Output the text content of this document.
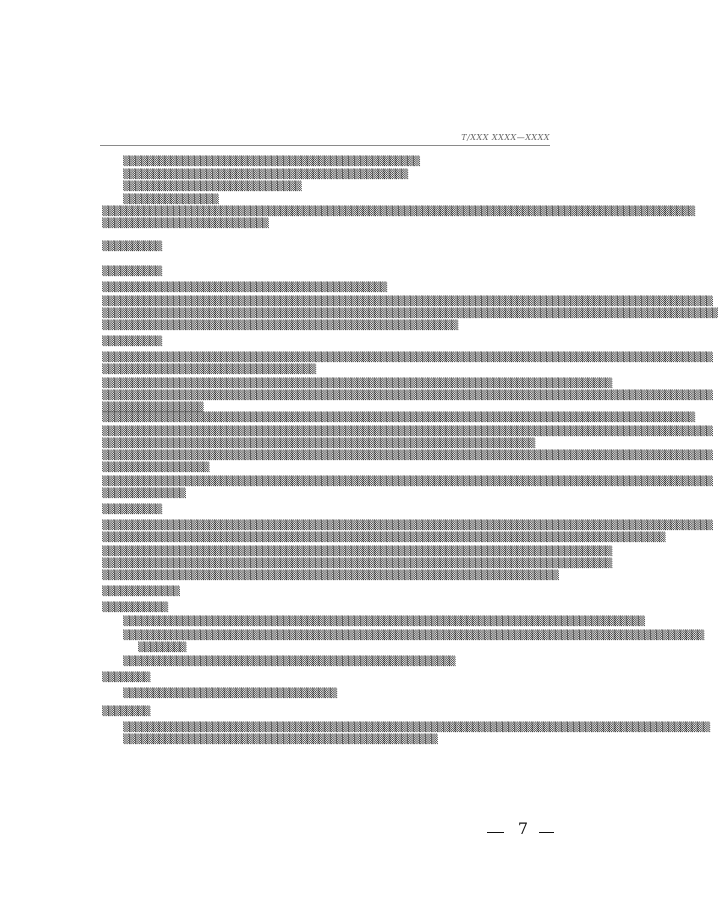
T/XXX XXXX—XXXX
▒▒▒▒▒▒▒▒▒▒▒▒▒▒▒▒▒▒▒▒▒▒▒▒▒▒▒▒▒▒▒▒▒▒▒▒▒▒▒▒▒▒▒▒▒▒▒▒▒▒
▒▒▒▒▒▒▒▒▒▒▒▒▒▒▒▒▒▒▒▒▒▒▒▒▒▒▒▒▒▒▒▒▒▒▒▒▒▒▒▒▒▒▒▒▒▒▒▒
▒▒▒▒▒▒▒▒▒▒▒▒▒▒▒▒▒▒▒▒▒▒▒▒▒▒▒▒▒▒
▒▒▒▒▒▒▒▒▒▒▒▒▒▒▒▒
▒▒▒▒▒▒▒▒▒▒▒▒▒▒▒▒▒▒▒▒▒▒▒▒▒▒▒▒▒▒▒▒▒▒▒▒▒▒▒▒▒▒▒▒▒▒▒▒▒▒▒▒▒▒▒▒▒▒▒▒▒▒▒▒▒▒▒▒▒▒▒▒▒▒▒▒▒▒▒▒▒▒▒▒▒▒▒▒▒▒▒▒▒▒▒▒▒▒▒▒
▒▒▒▒▒▒▒▒▒▒▒▒▒▒▒▒▒▒▒▒▒▒▒▒▒▒▒▒
▒▒▒▒▒▒▒▒▒▒
▒▒▒▒▒▒▒▒▒▒
▒▒▒▒▒▒▒▒▒▒▒▒▒▒▒▒▒▒▒▒▒▒▒▒▒▒▒▒▒▒▒▒▒▒▒▒▒▒▒▒▒▒▒▒▒▒▒▒
▒▒▒▒▒▒▒▒▒▒▒▒▒▒▒▒▒▒▒▒▒▒▒▒▒▒▒▒▒▒▒▒▒▒▒▒▒▒▒▒▒▒▒▒▒▒▒▒▒▒▒▒▒▒▒▒▒▒▒▒▒▒▒▒▒▒▒▒▒▒▒▒▒▒▒▒▒▒▒▒▒▒▒▒▒▒▒▒▒▒▒▒▒▒▒▒▒▒▒▒▒▒▒
▒▒▒▒▒▒▒▒▒▒▒▒▒▒▒▒▒▒▒▒▒▒▒▒▒▒▒▒▒▒▒▒▒▒▒▒▒▒▒▒▒▒▒▒▒▒▒▒▒▒▒▒▒▒▒▒▒▒▒▒▒▒▒▒▒▒▒▒▒▒▒▒▒▒▒▒▒▒▒▒▒▒▒▒▒▒▒▒▒▒▒▒▒▒▒▒▒▒▒▒▒▒▒▒
▒▒▒▒▒▒▒▒▒▒▒▒▒▒▒▒▒▒▒▒▒▒▒▒▒▒▒▒▒▒▒▒▒▒▒▒▒▒▒▒▒▒▒▒▒▒▒▒▒▒▒▒▒▒▒▒▒▒▒▒
▒▒▒▒▒▒▒▒▒▒
▒▒▒▒▒▒▒▒▒▒▒▒▒▒▒▒▒▒▒▒▒▒▒▒▒▒▒▒▒▒▒▒▒▒▒▒▒▒▒▒▒▒▒▒▒▒▒▒▒▒▒▒▒▒▒▒▒▒▒▒▒▒▒▒▒▒▒▒▒▒▒▒▒▒▒▒▒▒▒▒▒▒▒▒▒▒▒▒▒▒▒▒▒▒▒▒▒▒▒▒▒▒▒
▒▒▒▒▒▒▒▒▒▒▒▒▒▒▒▒▒▒▒▒▒▒▒▒▒▒▒▒▒▒▒▒▒▒▒▒
▒▒▒▒▒▒▒▒▒▒▒▒▒▒▒▒▒▒▒▒▒▒▒▒▒▒▒▒▒▒▒▒▒▒▒▒▒▒▒▒▒▒▒▒▒▒▒▒▒▒▒▒▒▒▒▒▒▒▒▒▒▒▒▒▒▒▒▒▒▒▒▒▒▒▒▒▒▒▒▒▒▒▒▒▒▒
▒▒▒▒▒▒▒▒▒▒▒▒▒▒▒▒▒▒▒▒▒▒▒▒▒▒▒▒▒▒▒▒▒▒▒▒▒▒▒▒▒▒▒▒▒▒▒▒▒▒▒▒▒▒▒▒▒▒▒▒▒▒▒▒▒▒▒▒▒▒▒▒▒▒▒▒▒▒▒▒▒▒▒▒▒▒▒▒▒▒▒▒▒▒▒▒▒▒▒▒▒▒▒
▒▒▒▒▒▒▒▒▒▒▒▒▒▒▒▒▒
▒▒▒▒▒▒▒▒▒▒▒▒▒▒▒▒▒▒▒▒▒▒▒▒▒▒▒▒▒▒▒▒▒▒▒▒▒▒▒▒▒▒▒▒▒▒▒▒▒▒▒▒▒▒▒▒▒▒▒▒▒▒▒▒▒▒▒▒▒▒▒▒▒▒▒▒▒▒▒▒▒▒▒▒▒▒▒▒▒▒▒▒▒▒▒▒▒▒▒▒
▒▒▒▒▒▒▒▒▒▒▒▒▒▒▒▒▒▒▒▒▒▒▒▒▒▒▒▒▒▒▒▒▒▒▒▒▒▒▒▒▒▒▒▒▒▒▒▒▒▒▒▒▒▒▒▒▒▒▒▒▒▒▒▒▒▒▒▒▒▒▒▒▒▒▒▒▒▒▒▒▒▒▒▒▒▒▒▒▒▒▒▒▒▒▒▒▒▒▒▒▒▒▒
▒▒▒▒▒▒▒▒▒▒▒▒▒▒▒▒▒▒▒▒▒▒▒▒▒▒▒▒▒▒▒▒▒▒▒▒▒▒▒▒▒▒▒▒▒▒▒▒▒▒▒▒▒▒▒▒▒▒▒▒▒▒▒▒▒▒▒▒▒▒▒▒▒
▒▒▒▒▒▒▒▒▒▒▒▒▒▒▒▒▒▒▒▒▒▒▒▒▒▒▒▒▒▒▒▒▒▒▒▒▒▒▒▒▒▒▒▒▒▒▒▒▒▒▒▒▒▒▒▒▒▒▒▒▒▒▒▒▒▒▒▒▒▒▒▒▒▒▒▒▒▒▒▒▒▒▒▒▒▒▒▒▒▒▒▒▒▒▒▒▒▒▒▒▒▒▒
▒▒▒▒▒▒▒▒▒▒▒▒▒▒▒▒▒▒
▒▒▒▒▒▒▒▒▒▒▒▒▒▒▒▒▒▒▒▒▒▒▒▒▒▒▒▒▒▒▒▒▒▒▒▒▒▒▒▒▒▒▒▒▒▒▒▒▒▒▒▒▒▒▒▒▒▒▒▒▒▒▒▒▒▒▒▒▒▒▒▒▒▒▒▒▒▒▒▒▒▒▒▒▒▒▒▒▒▒▒▒▒▒▒▒▒▒▒▒▒▒▒
▒▒▒▒▒▒▒▒▒▒▒▒▒▒
▒▒▒▒▒▒▒▒▒▒
▒▒▒▒▒▒▒▒▒▒▒▒▒▒▒▒▒▒▒▒▒▒▒▒▒▒▒▒▒▒▒▒▒▒▒▒▒▒▒▒▒▒▒▒▒▒▒▒▒▒▒▒▒▒▒▒▒▒▒▒▒▒▒▒▒▒▒▒▒▒▒▒▒▒▒▒▒▒▒▒▒▒▒▒▒▒▒▒▒▒▒▒▒▒▒▒▒▒▒▒▒▒▒
▒▒▒▒▒▒▒▒▒▒▒▒▒▒▒▒▒▒▒▒▒▒▒▒▒▒▒▒▒▒▒▒▒▒▒▒▒▒▒▒▒▒▒▒▒▒▒▒▒▒▒▒▒▒▒▒▒▒▒▒▒▒▒▒▒▒▒▒▒▒▒▒▒▒▒▒▒▒▒▒▒▒▒▒▒▒▒▒▒▒▒▒▒▒▒
▒▒▒▒▒▒▒▒▒▒▒▒▒▒▒▒▒▒▒▒▒▒▒▒▒▒▒▒▒▒▒▒▒▒▒▒▒▒▒▒▒▒▒▒▒▒▒▒▒▒▒▒▒▒▒▒▒▒▒▒▒▒▒▒▒▒▒▒▒▒▒▒▒▒▒▒▒▒▒▒▒▒▒▒▒▒
▒▒▒▒▒▒▒▒▒▒▒▒▒▒▒▒▒▒▒▒▒▒▒▒▒▒▒▒▒▒▒▒▒▒▒▒▒▒▒▒▒▒▒▒▒▒▒▒▒▒▒▒▒▒▒▒▒▒▒▒▒▒▒▒▒▒▒▒▒▒▒▒▒▒▒▒▒▒▒▒▒▒▒▒▒▒
▒▒▒▒▒▒▒▒▒▒▒▒▒▒▒▒▒▒▒▒▒▒▒▒▒▒▒▒▒▒▒▒▒▒▒▒▒▒▒▒▒▒▒▒▒▒▒▒▒▒▒▒▒▒▒▒▒▒▒▒▒▒▒▒▒▒▒▒▒▒▒▒▒▒▒▒▒
▒▒▒▒▒▒▒▒▒▒▒▒▒
▒▒▒▒▒▒▒▒▒▒▒
▒▒▒▒▒▒▒▒▒▒▒▒▒▒▒▒▒▒▒▒▒▒▒▒▒▒▒▒▒▒▒▒▒▒▒▒▒▒▒▒▒▒▒▒▒▒▒▒▒▒▒▒▒▒▒▒▒▒▒▒▒▒▒▒▒▒▒▒▒▒▒▒▒▒▒▒▒▒▒▒▒▒▒▒▒▒▒▒
▒▒▒▒▒▒▒▒▒▒▒▒▒▒▒▒▒▒▒▒▒▒▒▒▒▒▒▒▒▒▒▒▒▒▒▒▒▒▒▒▒▒▒▒▒▒▒▒▒▒▒▒▒▒▒▒▒▒▒▒▒▒▒▒▒▒▒▒▒▒▒▒▒▒▒▒▒▒▒▒▒▒▒▒▒▒▒▒▒▒▒▒▒▒▒▒▒▒
▒▒▒▒▒▒▒▒
▒▒▒▒▒▒▒▒▒▒▒▒▒▒▒▒▒▒▒▒▒▒▒▒▒▒▒▒▒▒▒▒▒▒▒▒▒▒▒▒▒▒▒▒▒▒▒▒▒▒▒▒▒▒▒▒
▒▒▒▒▒▒▒▒
▒▒▒▒▒▒▒▒▒▒▒▒▒▒▒▒▒▒▒▒▒▒▒▒▒▒▒▒▒▒▒▒▒▒▒▒
▒▒▒▒▒▒▒▒
▒▒▒▒▒▒▒▒▒▒▒▒▒▒▒▒▒▒▒▒▒▒▒▒▒▒▒▒▒▒▒▒▒▒▒▒▒▒▒▒▒▒▒▒▒▒▒▒▒▒▒▒▒▒▒▒▒▒▒▒▒▒▒▒▒▒▒▒▒▒▒▒▒▒▒▒▒▒▒▒▒▒▒▒▒▒▒▒▒▒▒▒▒▒▒▒▒▒▒
▒▒▒▒▒▒▒▒▒▒▒▒▒▒▒▒▒▒▒▒▒▒▒▒▒▒▒▒▒▒▒▒▒▒▒▒▒▒▒▒▒▒▒▒▒▒▒▒▒▒▒▒▒
7
